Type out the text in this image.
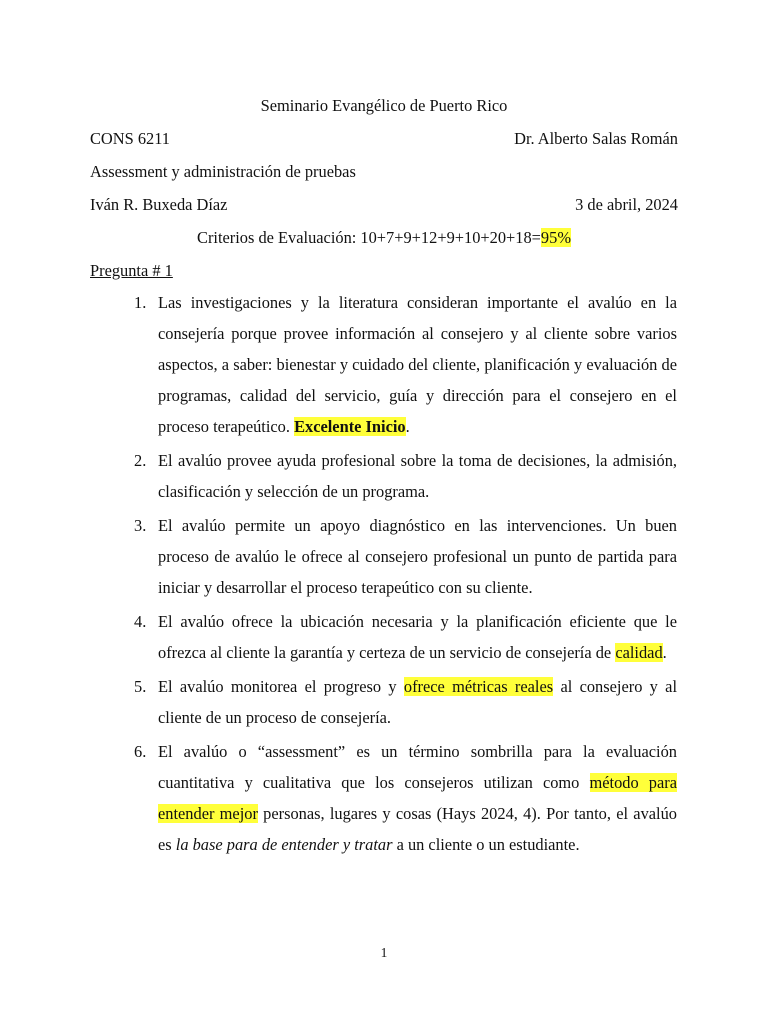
Seminario Evangélico de Puerto Rico
CONS 6211	Dr. Alberto Salas Román
Assessment y administración de pruebas
Iván R. Buxeda Díaz	3 de abril, 2024
Criterios de Evaluación: 10+7+9+12+9+10+20+18=95%
Pregunta # 1
1. Las investigaciones y la literatura consideran importante el avalúo en la consejería porque provee información al consejero y al cliente sobre varios aspectos, a saber: bienestar y cuidado del cliente, planificación y evaluación de programas, calidad del servicio, guía y dirección para el consejero en el proceso terapeútico. Excelente Inicio.
2. El avalúo provee ayuda profesional sobre la toma de decisiones, la admisión, clasificación y selección de un programa.
3. El avalúo permite un apoyo diagnóstico en las intervenciones. Un buen proceso de avalúo le ofrece al consejero profesional un punto de partida para iniciar y desarrollar el proceso terapeútico con su cliente.
4. El avalúo ofrece la ubicación necesaria y la planificación eficiente que le ofrezca al cliente la garantía y certeza de un servicio de consejería de calidad.
5. El avalúo monitorea el progreso y ofrece métricas reales al consejero y al cliente de un proceso de consejería.
6. El avalúo o “assessment” es un término sombrilla para la evaluación cuantitativa y cualitativa que los consejeros utilizan como método para entender mejor personas, lugares y cosas (Hays 2024, 4). Por tanto, el avalúo es la base para de entender y tratar a un cliente o un estudiante.
1
